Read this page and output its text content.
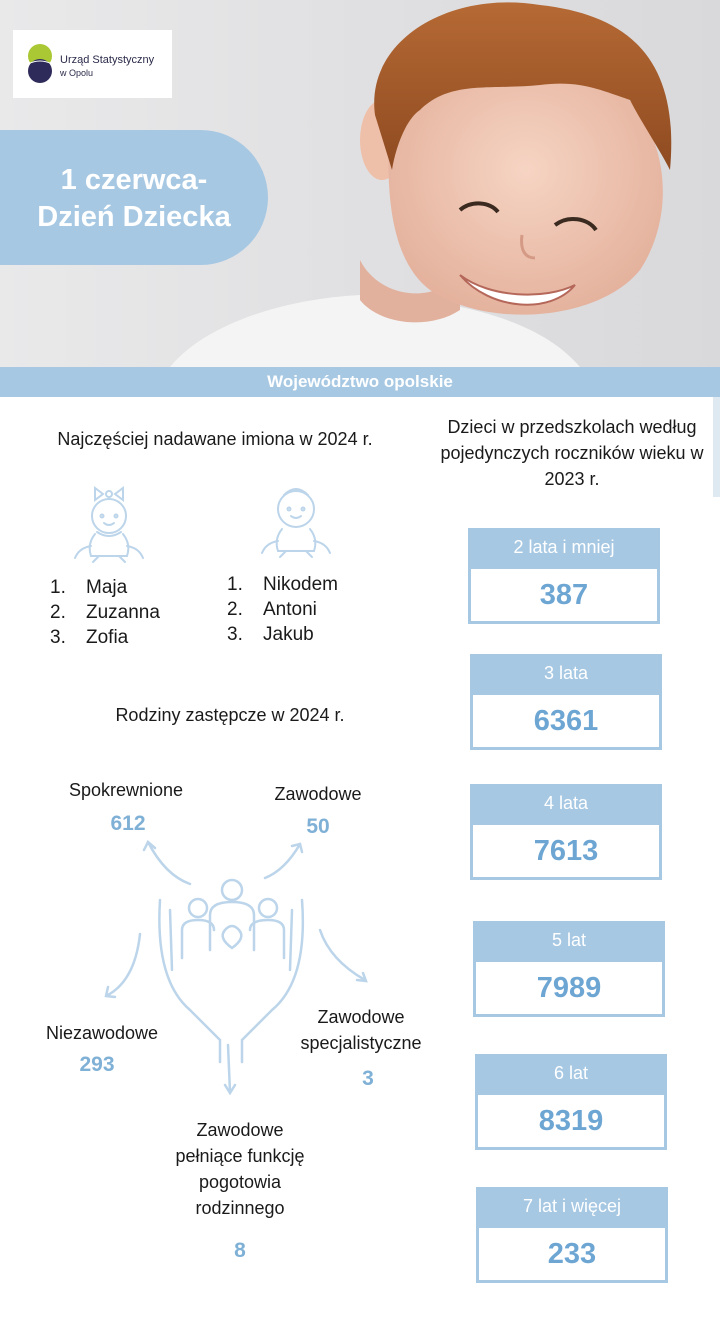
Urząd Statystyczny
w Opolu
1 czerwca-
Dzień Dziecka
Województwo opolskie
Najczęściej nadawane imiona w 2024 r.
1.	Maja
2.	Zuzanna
3.	Zofia
1.	Nikodem
2.	Antoni
3.	Jakub
Rodziny zastępcze w 2024 r.
Spokrewnione
612
Zawodowe
50
Niezawodowe
293
Zawodowe
specjalistyczne
3
Zawodowe
pełniące funkcję
pogotowia
rodzinnego
8
Dzieci w przedszkolach według pojedynczych roczników wieku w 2023 r.
2 lata i mniej
387
3 lata
6361
4 lata
7613
5 lat
7989
6 lat
8319
7 lat i więcej
233
